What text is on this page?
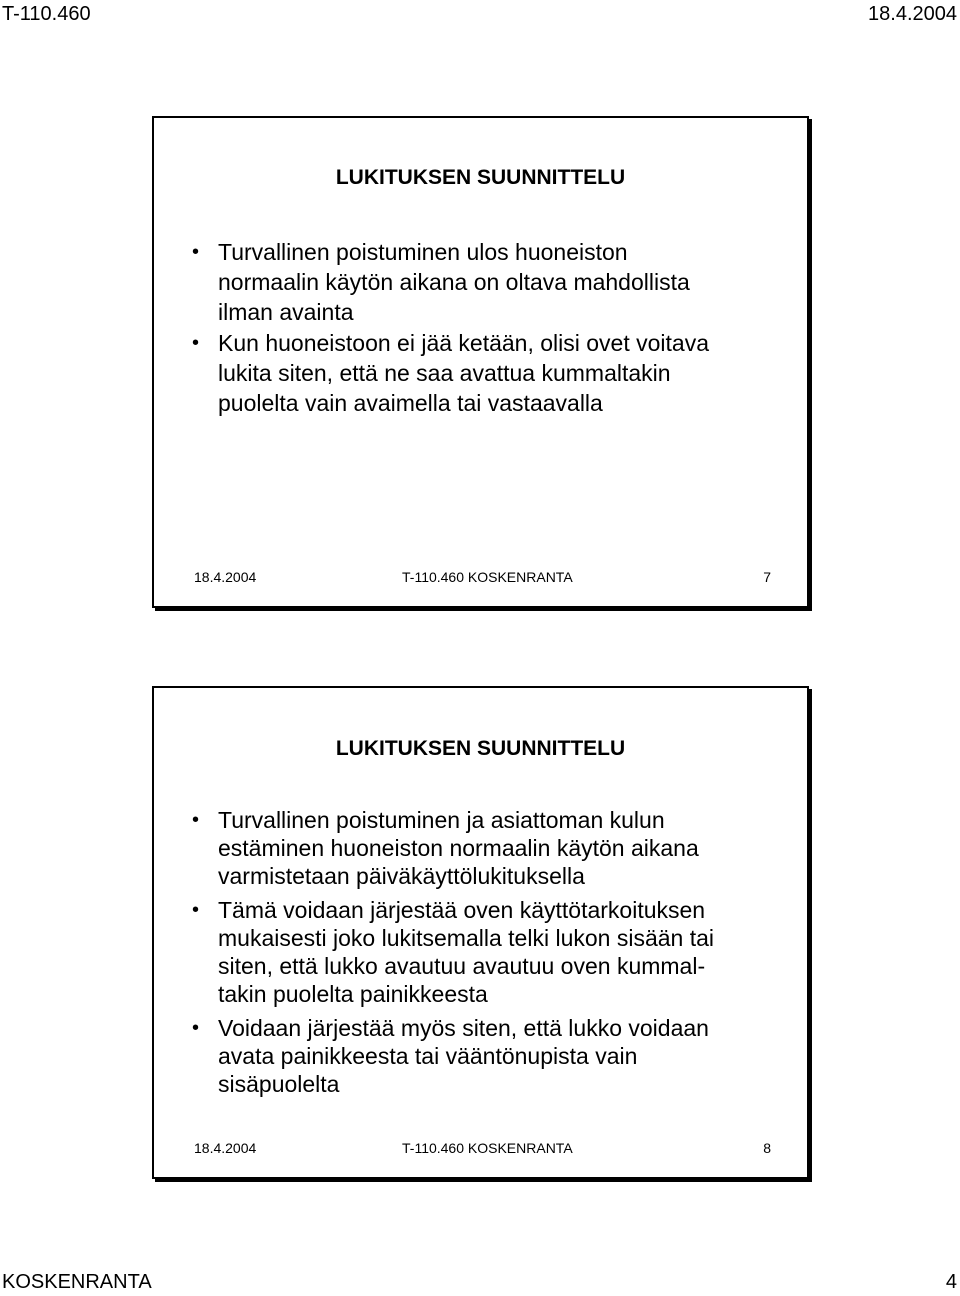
T-110.460	18.4.2004
LUKITUKSEN SUUNNITTELU
• Turvallinen poistuminen ulos huoneiston
normaalin käytön aikana on oltava mahdollista
ilman avainta
• Kun huoneistoon ei jää ketään, olisi ovet voitava
lukita siten, että ne saa avattua kummaltakin
puolelta vain avaimella tai vastaavalla
18.4.2004	T-110.460 KOSKENRANTA	7
LUKITUKSEN SUUNNITTELU
• Turvallinen poistuminen ja asiattoman kulun
estäminen huoneiston normaalin käytön aikana
varmistetaan päiväkäyttölukituksella
• Tämä voidaan järjestää oven käyttötarkoituksen
mukaisesti joko lukitsemalla telki lukon sisään tai
siten, että lukko avautuu avautuu oven kummal-
takin puolelta painikkeesta
• Voidaan järjestää myös siten, että lukko voidaan
avata painikkeesta tai vääntönupista vain
sisäpuolelta
18.4.2004	T-110.460 KOSKENRANTA	8
KOSKENRANTA	4
